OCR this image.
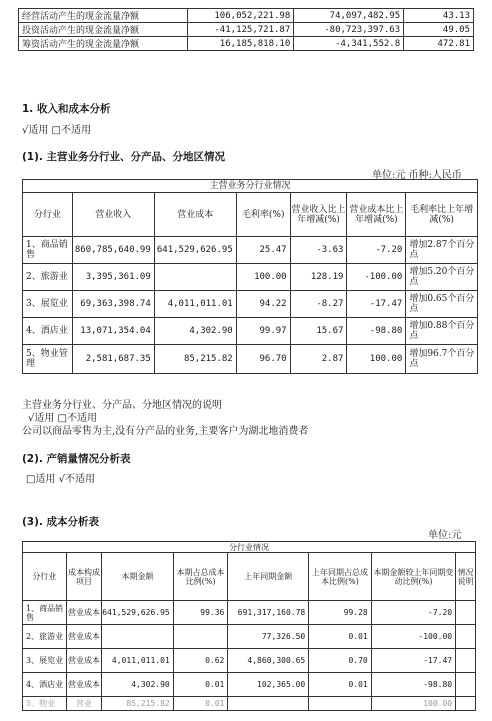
经营活动产生的现金流量净额	106,052,221.98	74,097,482.95	43.13
投资活动产生的现金流量净额	-41,125,721.87	-80,723,397.63	49.05
筹资活动产生的现金流量净额	16,185,818.10	-4,341,552.8	472.81
1. 收入和成本分析
√适用 □不适用
(1). 主营业务分行业、分产品、分地区情况
单位:元 币种:人民币
主营业务分行业情况						
分行业	营业收入	营业成本	毛利率(%)	营业收入比上年增减(%)	营业成本比上年增减(%)	毛利率比上年增减(%)
1、商品销售	860,785,640.99	641,529,626.95	25.47	-3.63	-7.20	增加2.87个百分点
2、旅游业	3,395,361.09		100.00	128.19	-100.00	增加5.20个百分点
3、展览业	69,363,398.74	4,011,011.01	94.22	-8.27	-17.47	增加0.65个百分点
4、酒店业	13,071,354.04	4,302.90	99.97	15.67	-98.80	增加0.88个百分点
5、物业管理	2,581,687.35	85,215.82	96.70	2.87	100.00	增加96.7个百分点
主营业务分行业、分产品、分地区情况的说明
√适用 □不适用
公司以商品零售为主,没有分产品的业务,主要客户为湖北地消费者
(2). 产销量情况分析表
□适用 √不适用
(3). 成本分析表
单位:元
分行业情况							
分行业	成本构成项目	本期金额	本期占总成本比例(%)	上年同期金额	上年同期占总成本比例(%)	本期金额较上年同期变动比例(%)	情况说明
1、商品销售	营业成本	641,529,626.95	99.36	691,317,160.78	99.28	-7.20	
2、旅游业	营业成本			77,326.50	0.01	-100.00	
3、展览业	营业成本	4,011,011.01	0.62	4,860,300.65	0.70	-17.47	
4、酒店业	营业成本	4,302.90	0.01	102,365.00	0.01	-98.80	
5、物业	营业	85,215.82	0.01			100.00	
